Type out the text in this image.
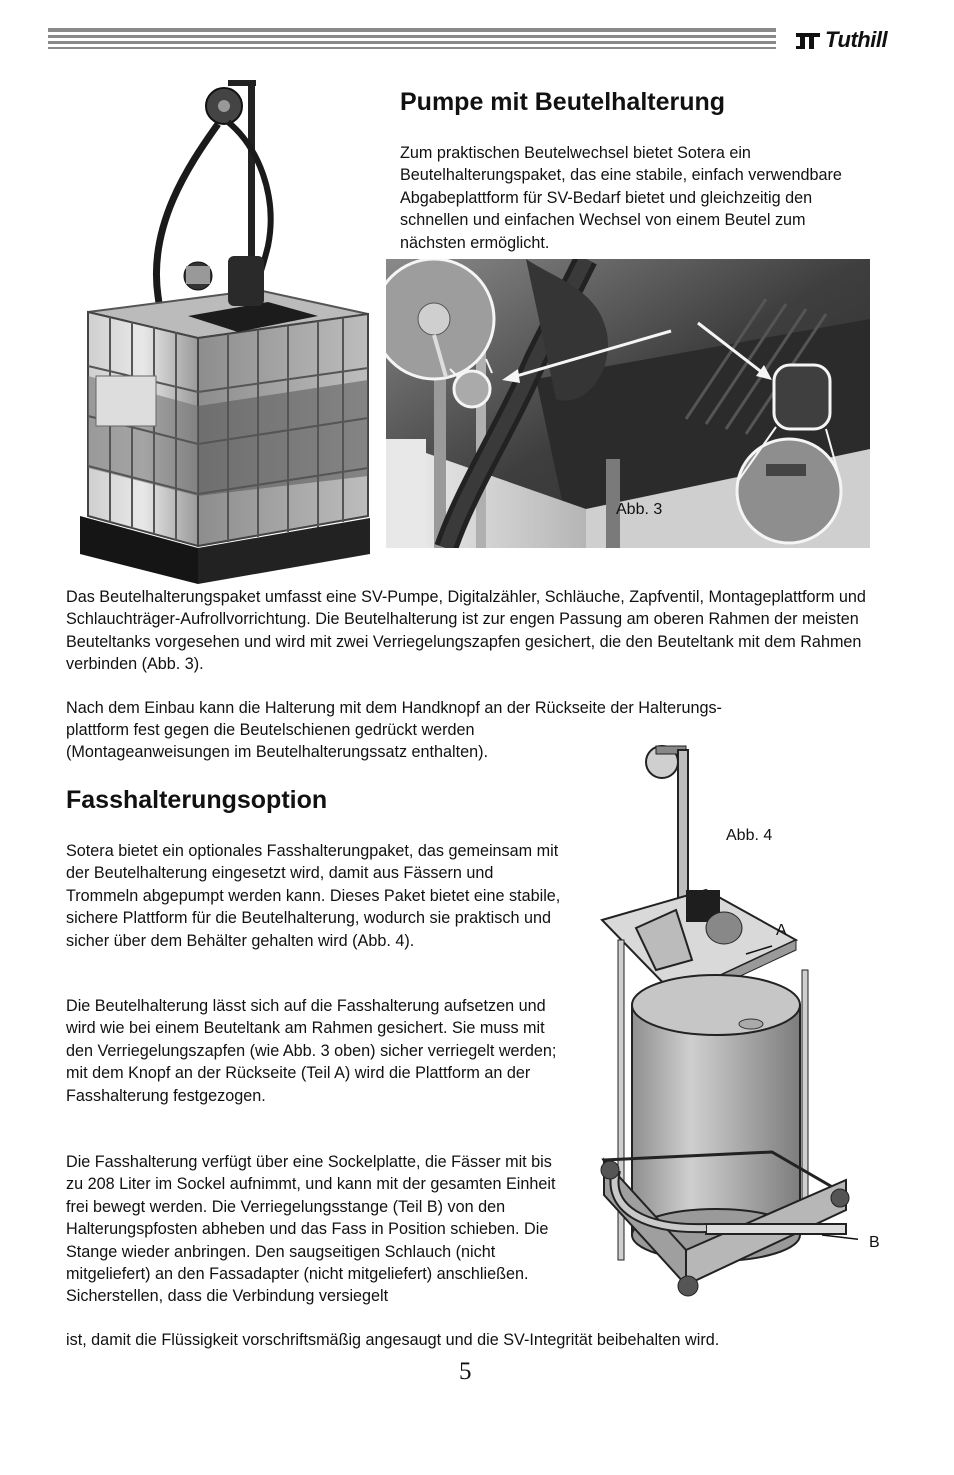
Tuthill
Pumpe mit Beutelhalterung

Zum praktischen Beutelwechsel bietet Sotera ein Beutelhalterungspaket, das eine stabile, einfach verwendbare Abgabeplattform für SV-Bedarf bietet und gleichzeitig den schnellen und einfachen Wechsel von einem Beutel zum nächsten ermöglicht.

Abb. 3

Das Beutelhalterungspaket umfasst eine SV-Pumpe, Digitalzähler, Schläuche, Zapfventil, Montageplattform und Schlauchträger-Aufrollvorrichtung. Die Beutelhalterung ist zur engen Passung am oberen Rahmen der meisten Beuteltanks vorgesehen und wird mit zwei Verriegelungszapfen gesichert, die den Beuteltank mit dem Rahmen verbinden (Abb. 3).

Nach dem Einbau kann die Halterung mit dem Handknopf an der Rückseite der Halterungs-

plattform fest gegen die Beutelschienen gedrückt werden (Montageanweisungen im Beutelhalterungssatz enthalten).

Fasshalterungsoption

Sotera bietet ein optionales Fasshalterungpaket, das gemeinsam mit der Beutelhalterung eingesetzt wird, damit aus Fässern und Trommeln abgepumpt werden kann. Dieses Paket bietet eine stabile, sichere Plattform für die Beutelhalterung, wodurch sie praktisch und sicher über dem Behälter gehalten wird (Abb. 4).

Die Beutelhalterung lässt sich auf die Fasshalterung aufsetzen und wird wie bei einem Beuteltank am Rahmen gesichert. Sie muss mit den Verriegelungszapfen (wie Abb. 3 oben) sicher verriegelt werden; mit dem Knopf an der Rückseite (Teil A) wird die Plattform an der Fasshalterung festgezogen.

Die Fasshalterung verfügt über eine Sockelplatte, die Fässer mit bis zu 208 Liter im Sockel aufnimmt, und kann mit der gesamten Einheit frei bewegt werden. Die Verriegelungsstange (Teil B) von den Halterungspfosten abheben und das Fass in Position schieben. Die Stange wieder anbringen. Den saugseitigen Schlauch (nicht mitgeliefert) an den Fassadapter (nicht mitgeliefert) anschließen. Sicherstellen, dass die Verbindung versiegelt

ist, damit die Flüssigkeit vorschriftsmäßig angesaugt und die SV-Integrität beibehalten wird.

Abb. 4
A
B
5
